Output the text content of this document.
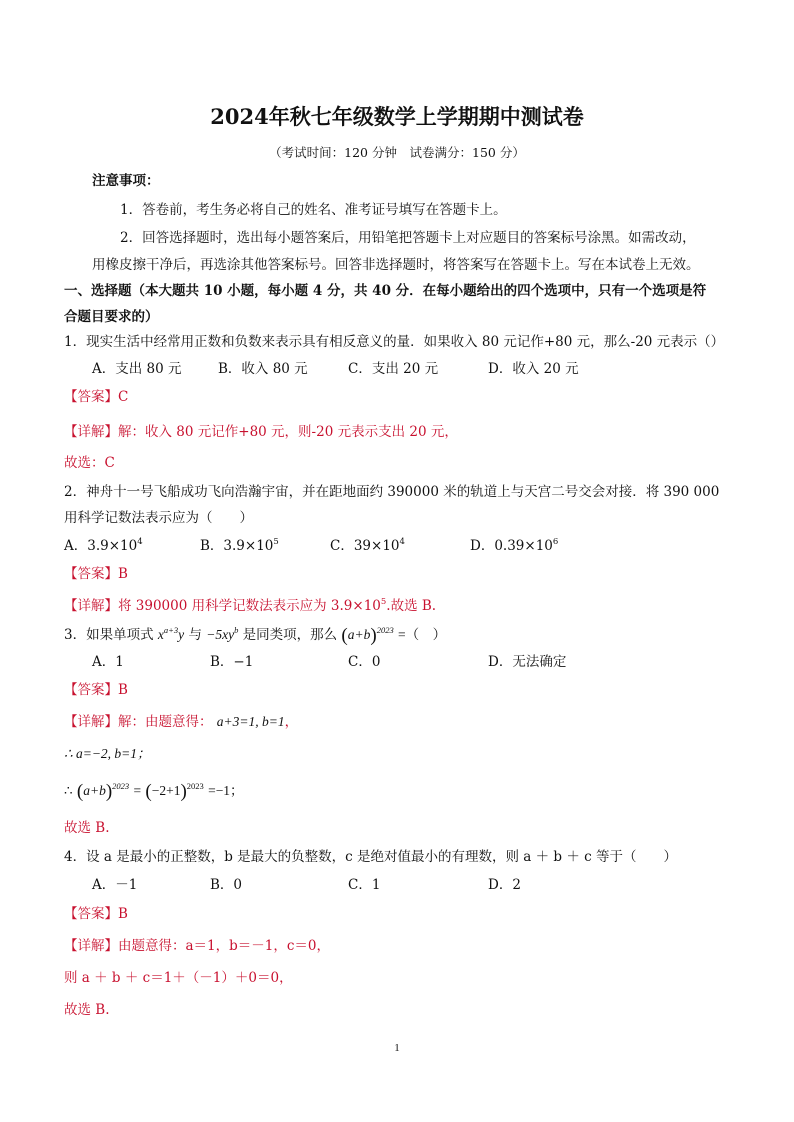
2024年秋七年级数学上学期期中测试卷
（考试时间：120 分钟　试卷满分：150 分）
注意事项：
1．答卷前，考生务必将自己的姓名、准考证号填写在答题卡上。
2．回答选择题时，选出每小题答案后，用铅笔把答题卡上对应题目的答案标号涂黑。如需改动，
用橡皮擦干净后，再选涂其他答案标号。回答非选择题时，将答案写在答题卡上。写在本试卷上无效。
一、选择题（本大题共 10 小题，每小题 4 分，共 40 分．在每小题给出的四个选项中，只有一个选项是符
合题目要求的）
1．现实生活中经常用正数和负数来表示具有相反意义的量．如果收入 80 元记作+80 元，那么-20 元表示（）
A．支出 80 元	B．收入 80 元	C．支出 20 元	D．收入 20 元
【答案】C
【详解】解：收入 80 元记作+80 元，则-20 元表示支出 20 元，
故选：C
2．神舟十一号飞船成功飞向浩瀚宇宙，并在距地面约 390000 米的轨道上与天宫二号交会对接．将 390 000
用科学记数法表示应为（　　）
A．$3.9\times 10^4$	B．$3.9\times 10^5$	C．$39\times 10^4$	D．$0.39\times 10^6$
【答案】B
【详解】将 390000 用科学记数法表示应为 $3.9\times 10^5$.故选 B.
3．如果单项式 $x^{a+3}y$ 与 $-5xy^b$ 是同类项，那么 $(a+b)^{2023}$ =（　）
A．1	B．−1	C．0	D．无法确定
【答案】B
【详解】解：由题意得： a+3=1, b=1，
∴ a=−2, b=1；
∴ $(a+b)^{2023} = (-2+1)^{2023} =-1$；
故选 B.
4．设 a 是最小的正整数，b 是最大的负整数，c 是绝对值最小的有理数，则 a ＋ b ＋ c 等于（　　）
A．－1	B．0	C．1	D．2
【答案】B
【详解】由题意得：a＝1，b＝－1，c＝0，
则 a ＋ b ＋ c＝1＋（－1）＋0＝0，
故选 B.
1
